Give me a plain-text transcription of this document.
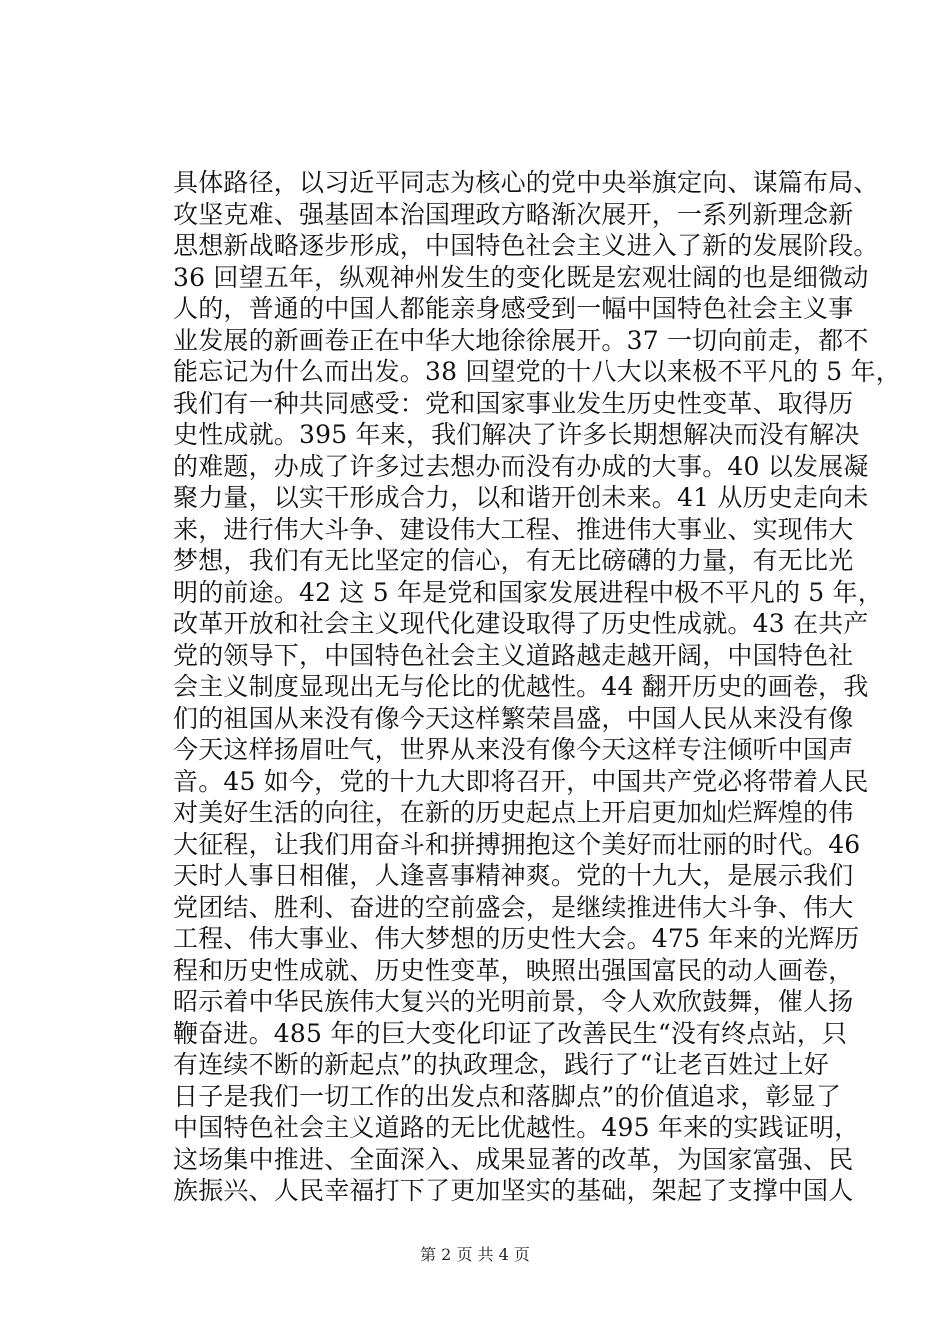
具体路径，以习近平同志为核心的党中央举旗定向、谋篇布局、
攻坚克难、强基固本治国理政方略渐次展开，一系列新理念新
思想新战略逐步形成，中国特色社会主义进入了新的发展阶段。
36 回望五年，纵观神州发生的变化既是宏观壮阔的也是细微动
人的，普通的中国人都能亲身感受到一幅中国特色社会主义事
业发展的新画卷正在中华大地徐徐展开。37 一切向前走，都不
能忘记为什么而出发。38 回望党的十八大以来极不平凡的 5 年，
我们有一种共同感受：党和国家事业发生历史性变革、取得历
史性成就。395 年来，我们解决了许多长期想解决而没有解决
的难题，办成了许多过去想办而没有办成的大事。40 以发展凝
聚力量，以实干形成合力，以和谐开创未来。41 从历史走向未
来，进行伟大斗争、建设伟大工程、推进伟大事业、实现伟大
梦想，我们有无比坚定的信心，有无比磅礴的力量，有无比光
明的前途。42 这 5 年是党和国家发展进程中极不平凡的 5 年，
改革开放和社会主义现代化建设取得了历史性成就。43 在共产
党的领导下，中国特色社会主义道路越走越开阔，中国特色社
会主义制度显现出无与伦比的优越性。44 翻开历史的画卷，我
们的祖国从来没有像今天这样繁荣昌盛，中国人民从来没有像
今天这样扬眉吐气，世界从来没有像今天这样专注倾听中国声
音。45 如今，党的十九大即将召开，中国共产党必将带着人民
对美好生活的向往，在新的历史起点上开启更加灿烂辉煌的伟
大征程，让我们用奋斗和拼搏拥抱这个美好而壮丽的时代。46
天时人事日相催，人逢喜事精神爽。党的十九大，是展示我们
党团结、胜利、奋进的空前盛会，是继续推进伟大斗争、伟大
工程、伟大事业、伟大梦想的历史性大会。475 年来的光辉历
程和历史性成就、历史性变革，映照出强国富民的动人画卷，
昭示着中华民族伟大复兴的光明前景，令人欢欣鼓舞，催人扬
鞭奋进。485 年的巨大变化印证了改善民生“没有终点站，只
有连续不断的新起点”的执政理念，践行了“让老百姓过上好
日子是我们一切工作的出发点和落脚点”的价值追求，彰显了
中国特色社会主义道路的无比优越性。495 年来的实践证明，
这场集中推进、全面深入、成果显著的改革，为国家富强、民
族振兴、人民幸福打下了更加坚实的基础，架起了支撑中国人
第 2 页 共 4 页
